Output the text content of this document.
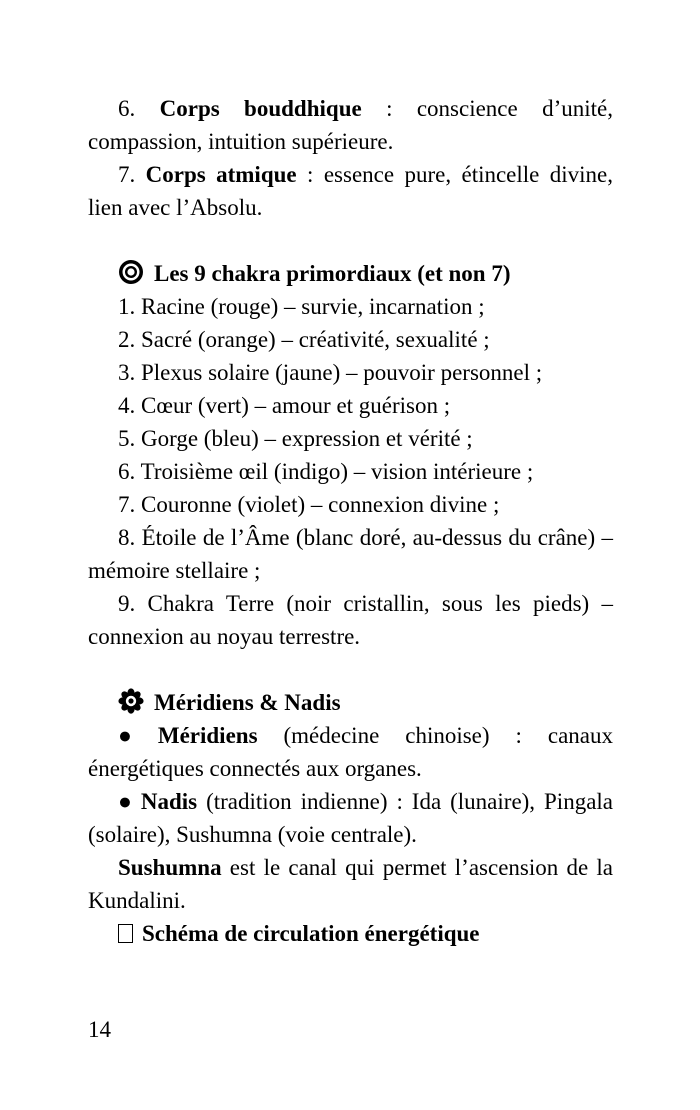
6. Corps bouddhique : conscience d’unité, compassion, intuition supérieure.

7. Corps atmique : essence pure, étincelle divine, lien avec l’Absolu.

Les 9 chakra primordiaux (et non 7)

1. Racine (rouge) – survie, incarnation ;

2. Sacré (orange) – créativité, sexualité ;

3. Plexus solaire (jaune) – pouvoir personnel ;

4. Cœur (vert) – amour et guérison ;

5. Gorge (bleu) – expression et vérité ;

6. Troisième œil (indigo) – vision intérieure ;

7. Couronne (violet) – connexion divine ;

8. Étoile de l’Âme (blanc doré, au-dessus du crâne) – mémoire stellaire ;

9. Chakra Terre (noir cristallin, sous les pieds) – connexion au noyau terrestre.

Méridiens & Nadis

● Méridiens (médecine chinoise) : canaux énergétiques connectés aux organes.

● Nadis (tradition indienne) : Ida (lunaire), Pingala (solaire), Sushumna (voie centrale).

Sushumna est le canal qui permet l’ascension de la Kundalini.

Schéma de circulation énergétique

14
